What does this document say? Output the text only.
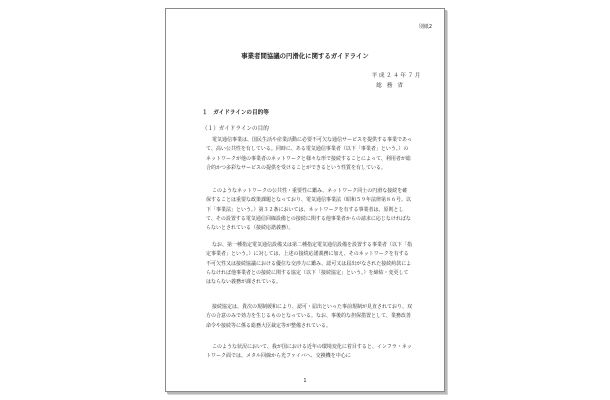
別紙2
事業者間協議の円滑化に関するガイドライン
平成２４年７月
総務省
１　ガイドラインの目的等
（１）ガイドラインの目的
電気通信事業は、国民生活や産業活動に必要不可欠な通信サービスを提供する事業であって、高い公共性を有している。同時に、ある電気通信事業者（以下「事業者」という。）のネットワークが他の事業者のネットワークと様々な形で接続することによって、利用者が総合的かつ多彩なサービスの提供を受けることができるという性質を有している。
このようなネットワークの公共性・重要性に鑑み、ネットワーク同士の円滑な接続を確保することは重要な政策課題となっており、電気通信事業法（昭和５９年法律第８６号。以下「事業法」という。）第３２条においては、ネットワークを有する事業者は、原則として、その設置する電気通信回線設備との接続に関する他事業者からの請求に応じなければならないとされている（接続応諾義務）。
なお、第一種指定電気通信設備又は第二種指定電気通信設備を設置する事業者（以下「指定事業者」という。）に対しては、上述の接続応諾義務に加え、そのネットワークを有する不可欠性又は接続協議における優位な交渉力に鑑み、認可又は届出がなされた接続約款によらなければ他事業者との接続に関する協定（以下「接続協定」という。）を締結・変更してはならない義務が課されている。
接続協定は、貴次の規制緩和により、認可・届出といった事前規制が見直されており、双方の合意のみで効力を生じるものとなっている。なお、事後的な担保措置として、業務改善命令や接続等に係る総務大臣裁定等が整備されている。
このような状況において、我が国における近年の環境変化に着目すると、インフラ・ネットワーク面では、メタル回線から光ファイバへ、交換機を中心に
1
